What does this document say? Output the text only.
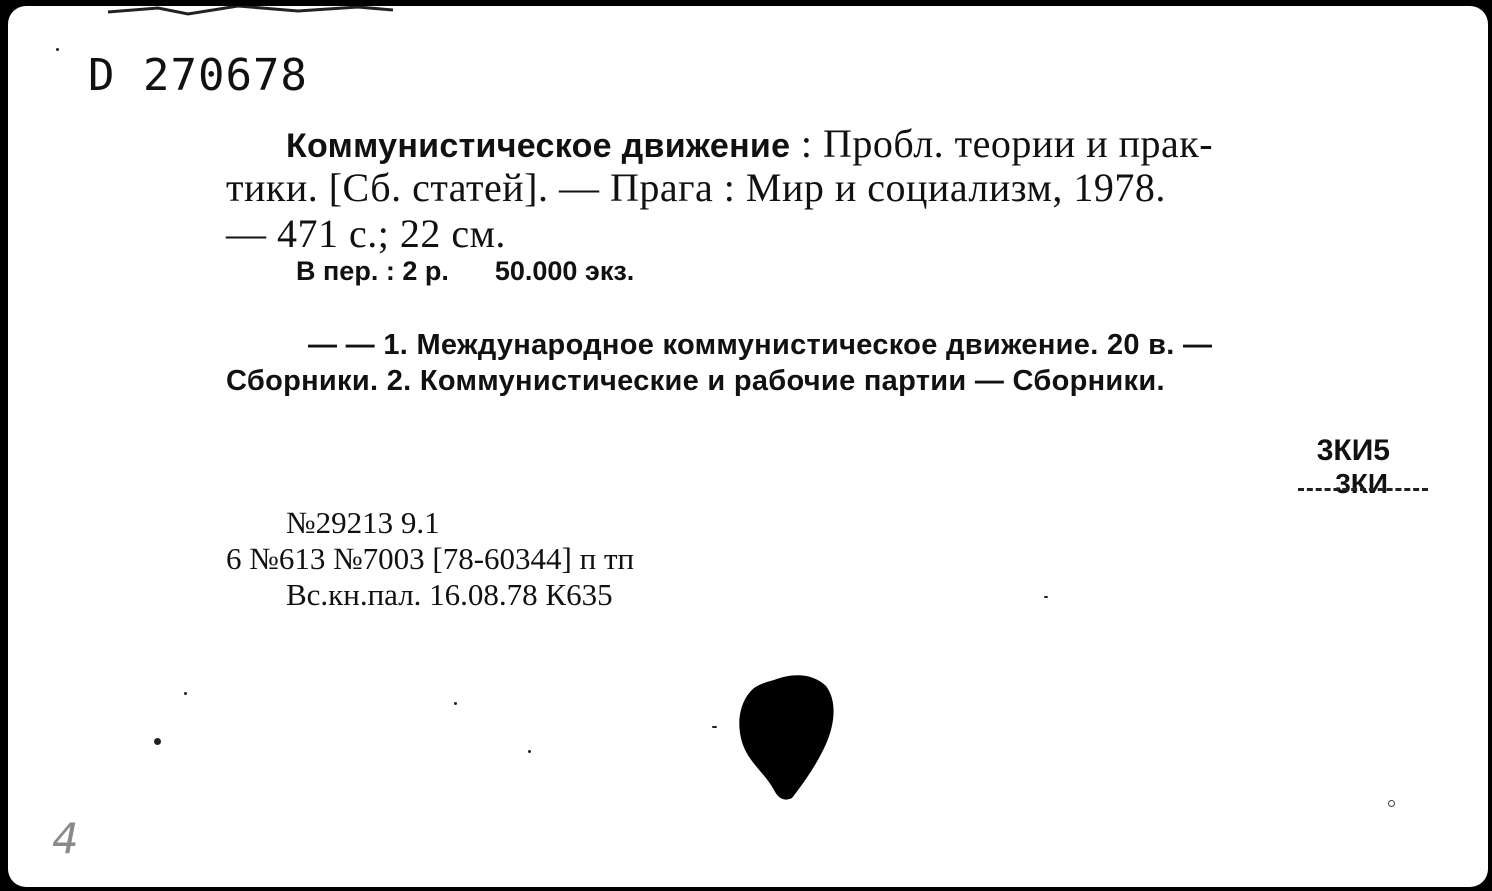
D 270678
Коммунистическое движение : Пробл. теории и прак-
тики. [Сб. статей]. — Прага : Мир и социализм, 1978.
— 471 с.; 22 см.
В пер. : 2 р. 50.000 экз.
— — 1. Международное коммунистическое движение. 20 в. —
Сборники. 2. Коммунистические и рабочие партии — Сборники.
3КИ5
3КИ
№29213 9.1
6 №613 №7003 [78-60344] п тп
Вс.кн.пал. 16.08.78 К635
4
